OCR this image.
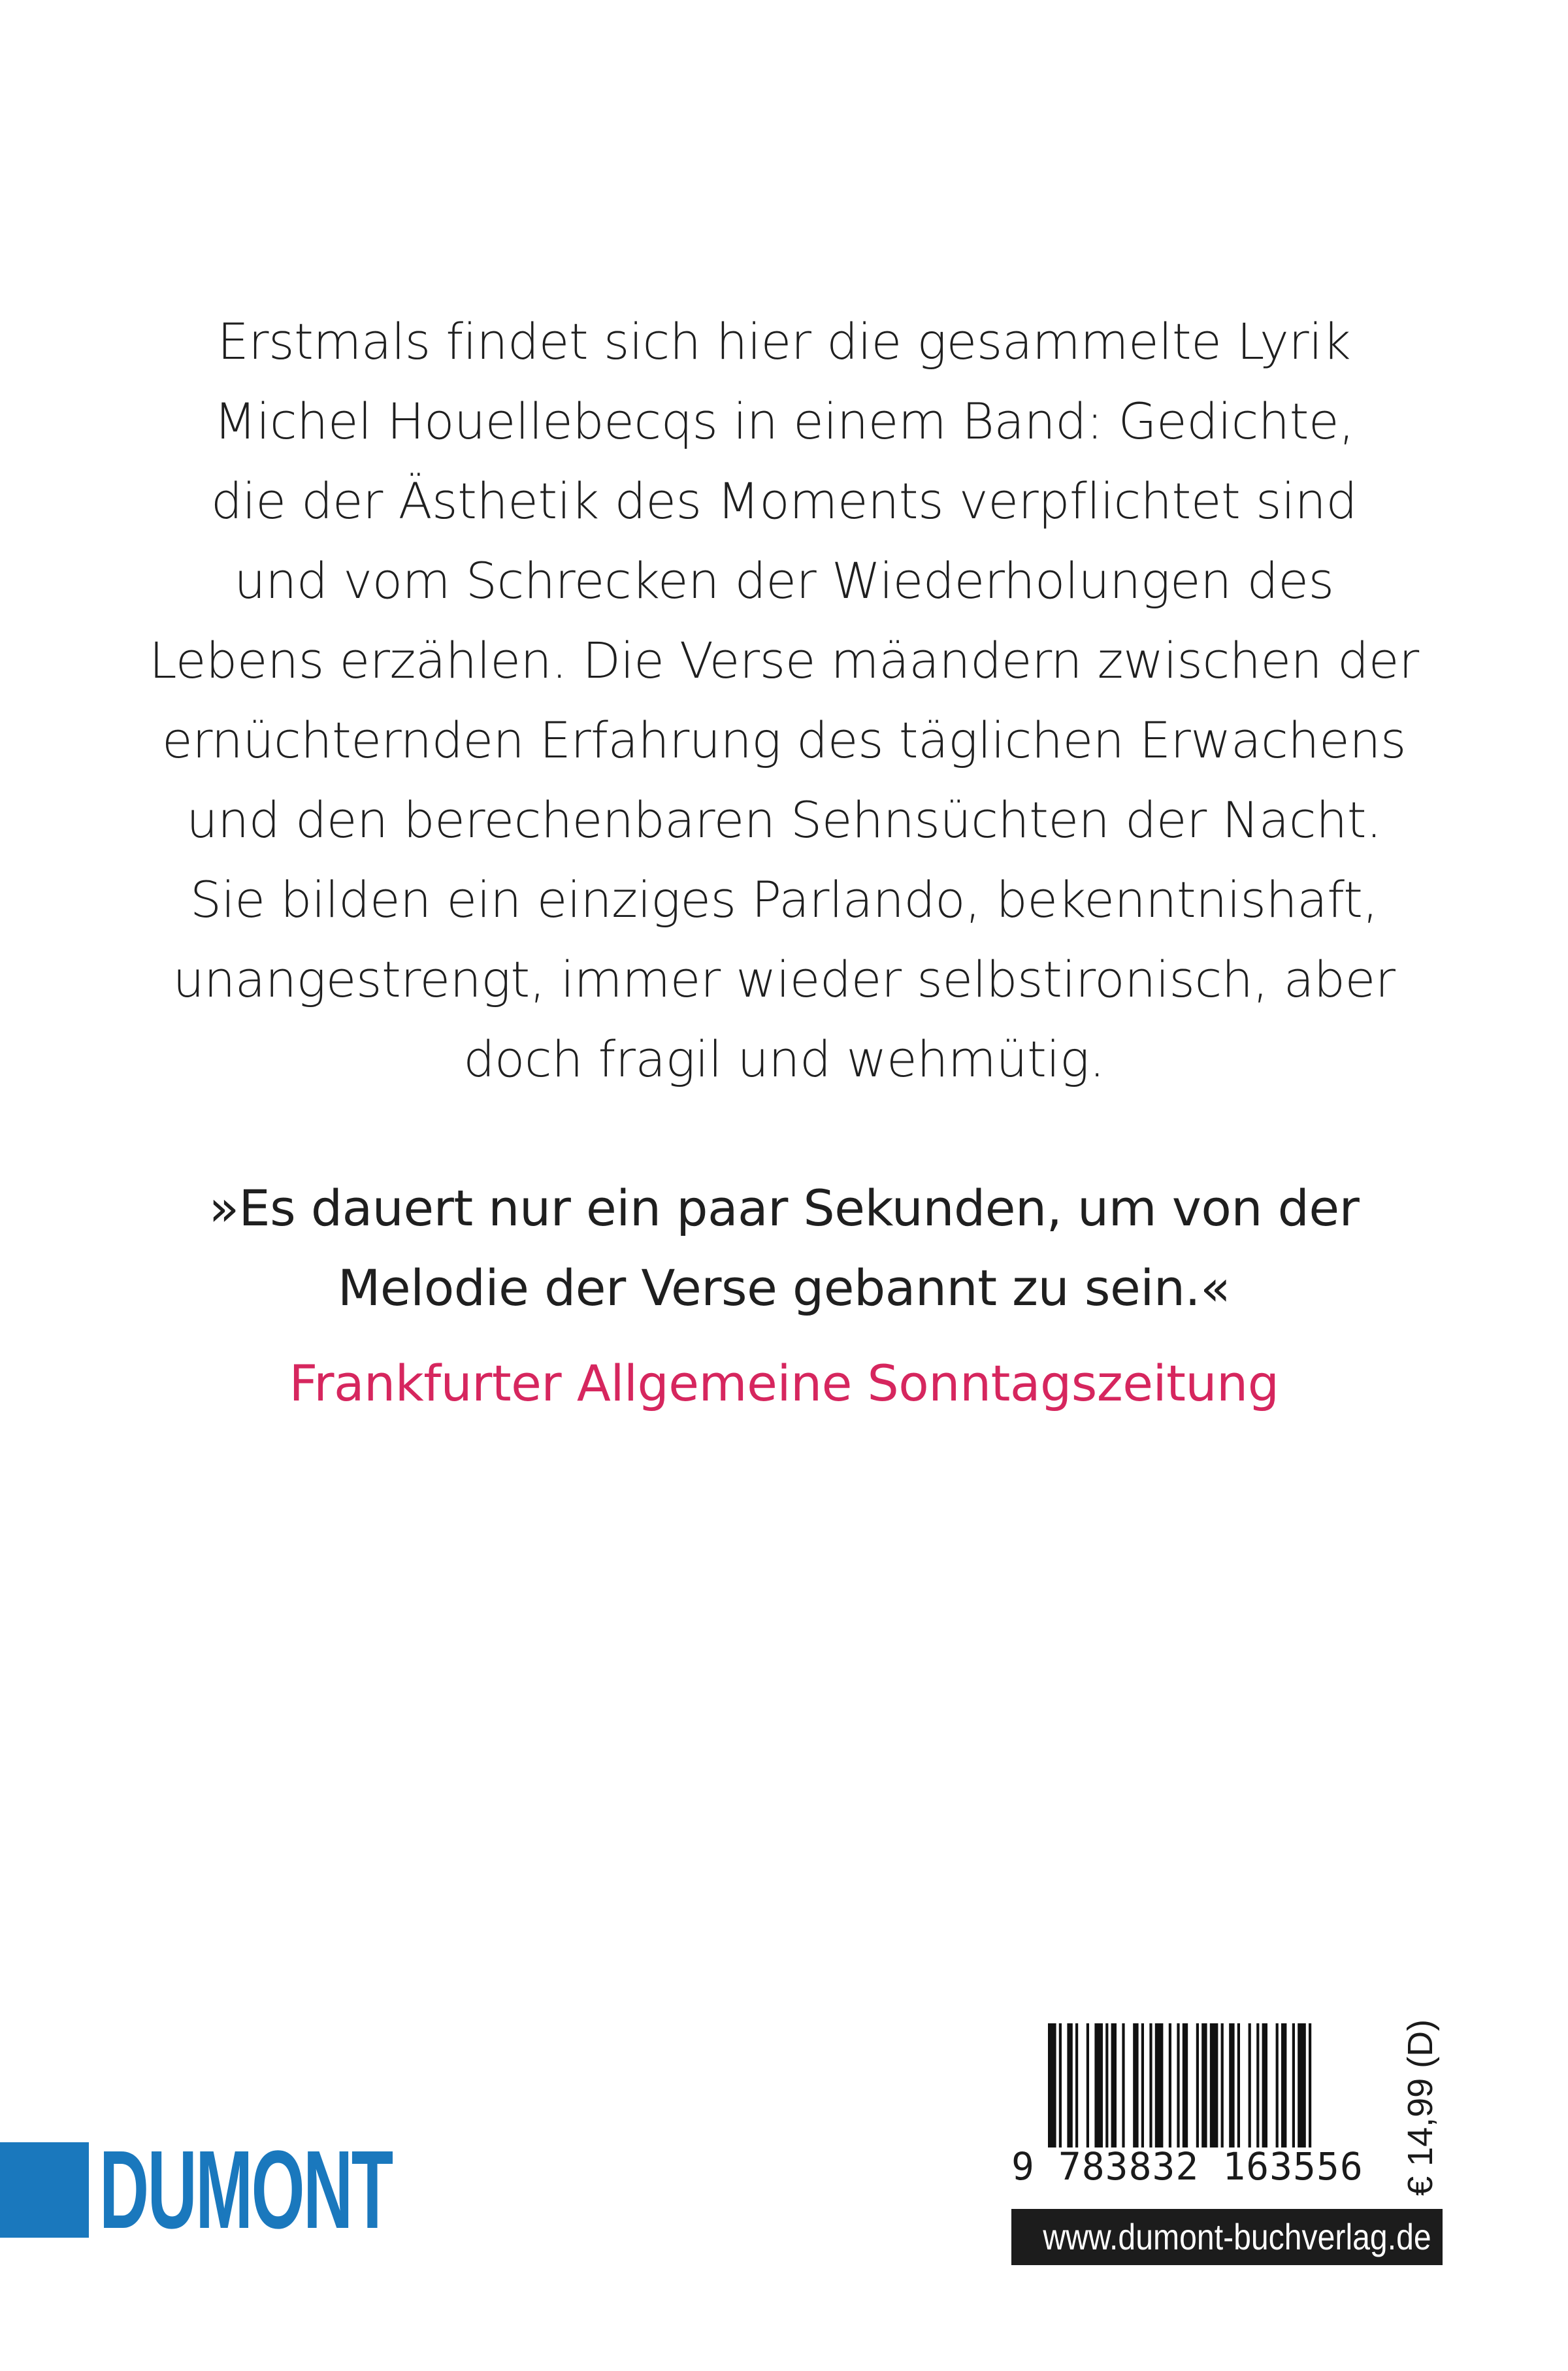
Erstmals findet sich hier die gesammelte Lyrik
Michel Houellebecqs in einem Band: Gedichte,
die der Ästhetik des Moments verpflichtet sind
und vom Schrecken der Wiederholungen des
Lebens erzählen. Die Verse mäandern zwischen der
ernüchternden Erfahrung des täglichen Erwachens
und den berechenbaren Sehnsüchten der Nacht.
Sie bilden ein einziges Parlando, bekenntnishaft,
unangestrengt, immer wieder selbstironisch, aber
doch fragil und wehmütig.
»Es dauert nur ein paar Sekunden, um von der
Melodie der Verse gebannt zu sein.«
Frankfurter Allgemeine Sonntagszeitung
DUMONT	9 783832 163556	€ 14,99 (D)
www.dumont-buchverlag.de
